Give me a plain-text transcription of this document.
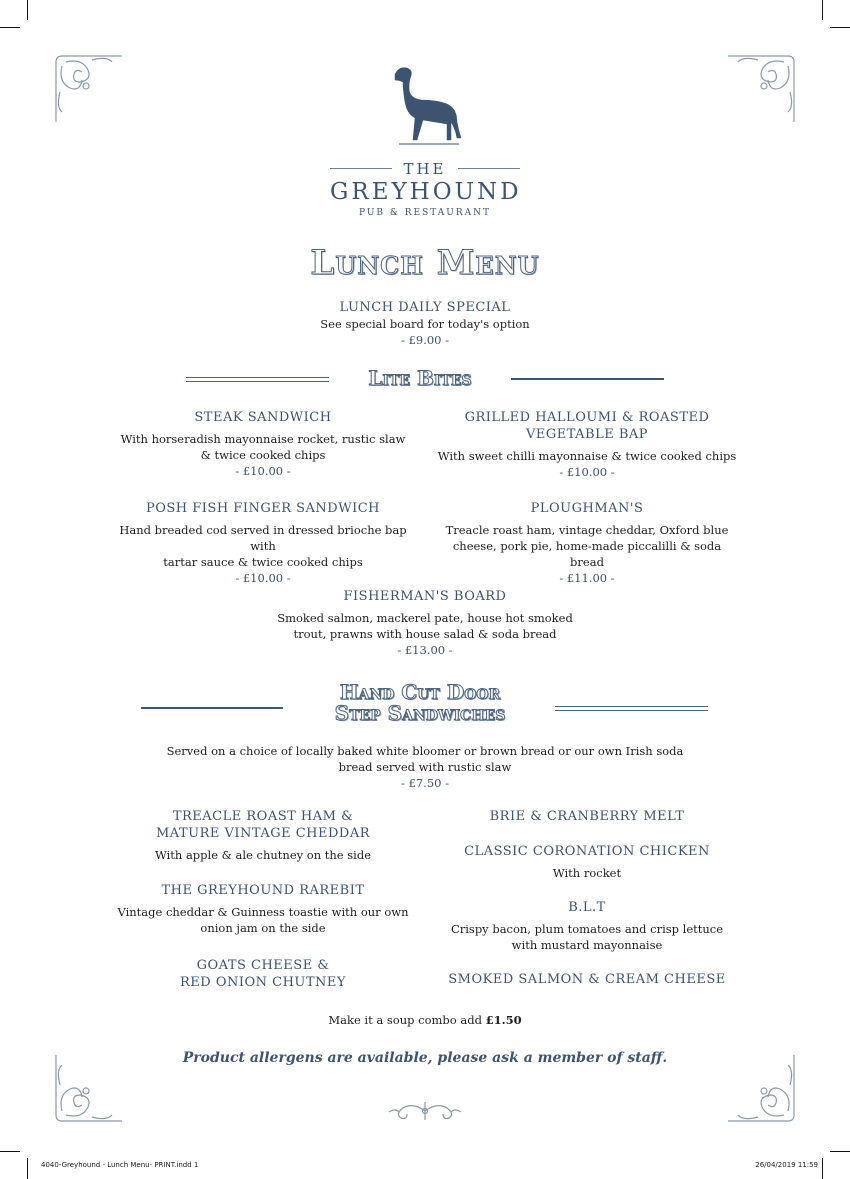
THE
GREYHOUND
PUB & RESTAURANT
Lunch Menu
LUNCH DAILY SPECIAL
See special board for today's option
- £9.00 -
Lite Bites
STEAK SANDWICH
With horseradish mayonnaise rocket, rustic slaw
& twice cooked chips
- £10.00 -
GRILLED HALLOUMI & ROASTED
VEGETABLE BAP
With sweet chilli mayonnaise & twice cooked chips
- £10.00 -
POSH FISH FINGER SANDWICH
Hand breaded cod served in dressed brioche bap with
tartar sauce & twice cooked chips
- £10.00 -
PLOUGHMAN'S
Treacle roast ham, vintage cheddar, Oxford blue
cheese, pork pie, home-made piccalilli & soda bread
- £11.00 -
FISHERMAN'S BOARD
Smoked salmon, mackerel pate, house hot smoked
trout, prawns with house salad & soda bread
- £13.00 -
Hand Cut Door
Step Sandwiches
Served on a choice of locally baked white bloomer or brown bread or our own Irish soda
bread served with rustic slaw
- £7.50 -
TREACLE ROAST HAM &
MATURE VINTAGE CHEDDAR
With apple & ale chutney on the side
THE GREYHOUND RAREBIT
Vintage cheddar & Guinness toastie with our own
onion jam on the side
GOATS CHEESE &
RED ONION CHUTNEY
BRIE & CRANBERRY MELT
CLASSIC CORONATION CHICKEN
With rocket
B.L.T
Crispy bacon, plum tomatoes and crisp lettuce
with mustard mayonnaise
SMOKED SALMON & CREAM CHEESE
Make it a soup combo add £1.50
Product allergens are available, please ask a member of staff.
4040-Greyhound - Lunch Menu- PRINT.indd 1	26/04/2019 11:59
